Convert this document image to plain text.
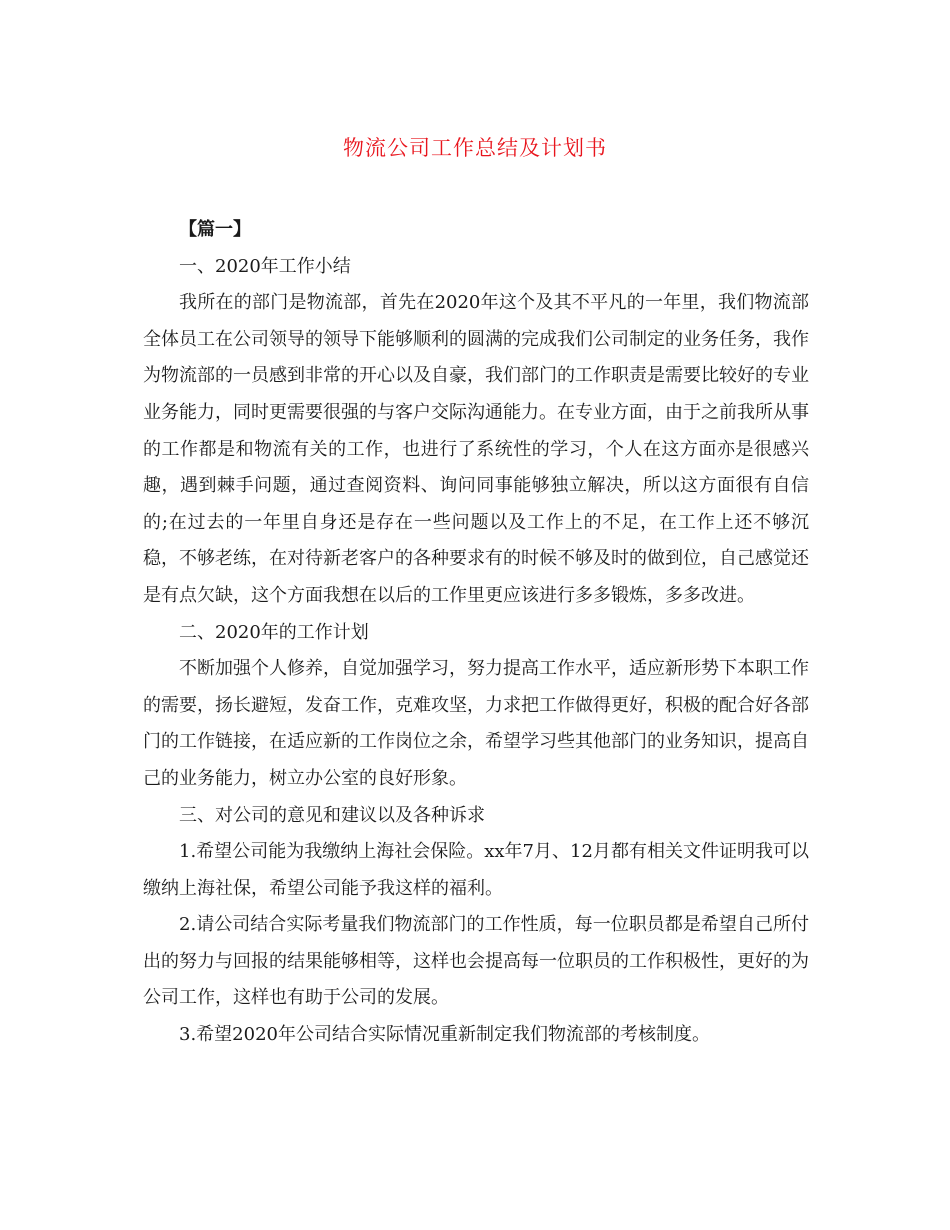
物流公司工作总结及计划书

【篇一】

一、2020年工作小结

我所在的部门是物流部，首先在2020年这个及其不平凡的一年里，我们物流部全体员工在公司领导的领导下能够顺利的圆满的完成我们公司制定的业务任务，我作为物流部的一员感到非常的开心以及自豪，我们部门的工作职责是需要比较好的专业业务能力，同时更需要很强的与客户交际沟通能力。在专业方面，由于之前我所从事的工作都是和物流有关的工作，也进行了系统性的学习，个人在这方面亦是很感兴趣，遇到棘手问题，通过查阅资料、询问同事能够独立解决，所以这方面很有自信的;在过去的一年里自身还是存在一些问题以及工作上的不足，在工作上还不够沉稳，不够老练，在对待新老客户的各种要求有的时候不够及时的做到位，自己感觉还是有点欠缺，这个方面我想在以后的工作里更应该进行多多锻炼，多多改进。

二、2020年的工作计划

不断加强个人修养，自觉加强学习，努力提高工作水平，适应新形势下本职工作的需要，扬长避短，发奋工作，克难攻坚，力求把工作做得更好，积极的配合好各部门的工作链接，在适应新的工作岗位之余，希望学习些其他部门的业务知识，提高自己的业务能力，树立办公室的良好形象。

三、对公司的意见和建议以及各种诉求

1.希望公司能为我缴纳上海社会保险。xx年7月、12月都有相关文件证明我可以缴纳上海社保，希望公司能予我这样的福利。

2.请公司结合实际考量我们物流部门的工作性质，每一位职员都是希望自己所付出的努力与回报的结果能够相等，这样也会提高每一位职员的工作积极性，更好的为公司工作，这样也有助于公司的发展。

3.希望2020年公司结合实际情况重新制定我们物流部的考核制度。
